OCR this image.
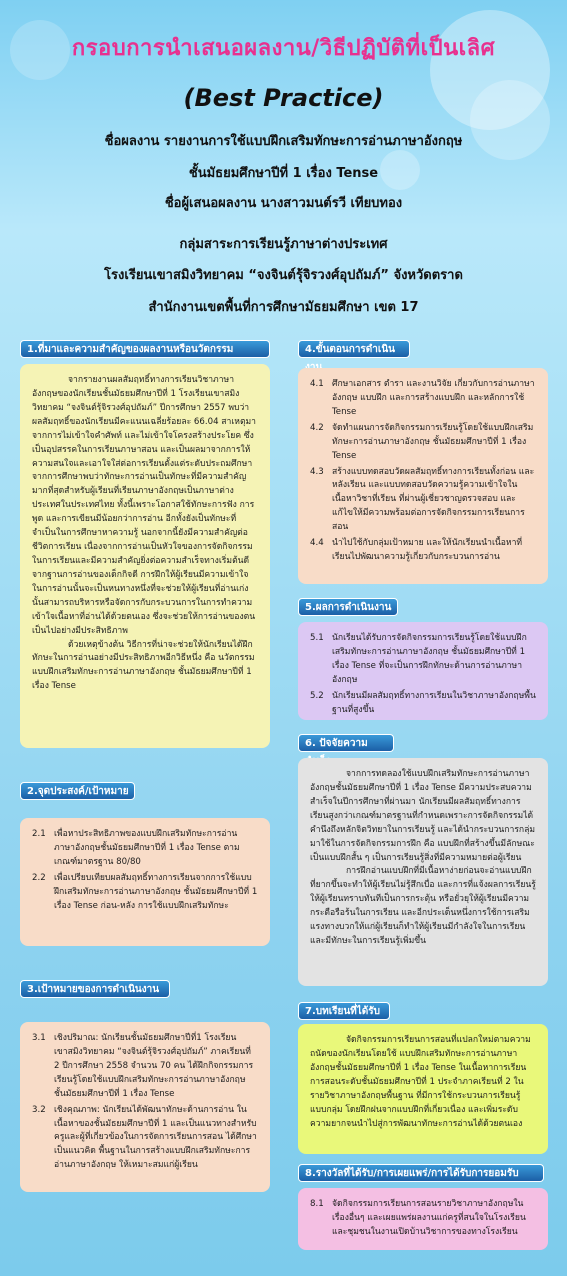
กรอบการนำเสนอผลงาน/วิธีปฏิบัติที่เป็นเลิศ
(Best Practice)
ชื่อผลงาน รายงานการใช้แบบฝึกเสริมทักษะการอ่านภาษาอังกฤษ
ชั้นมัธยมศึกษาปีที่ 1 เรื่อง Tense
ชื่อผู้เสนอผลงาน นางสาวมนต์รวี เทียบทอง
กลุ่มสาระการเรียนรู้ภาษาต่างประเทศ
โรงเรียนเขาสมิงวิทยาคม “จงจินต์รุ้จิรวงศ์อุปถัมภ์” จังหวัดตราด
สำนักงานเขตพื้นที่การศึกษามัธยมศึกษา เขต 17
1.ที่มาและความสำคัญของผลงานหรือนวัตกรรม

จากรายงานผลสัมฤทธิ์ทางการเรียนวิชาภาษาอังกฤษของนักเรียนชั้นมัธยมศึกษาปีที่ 1 โรงเรียนเขาสมิงวิทยาคม “จงจินต์รุ้จิรวงศ์อุปถัมภ์” ปีการศึกษา 2557 พบว่าผลสัมฤทธิ์ของนักเรียนมีคะแนนเฉลี่ยร้อยละ 66.04 สาเหตุมาจากการไม่เข้าใจคำศัพท์ และไม่เข้าใจโครงสร้างประโยค ซึ่งเป็นอุปสรรคในการเรียนภาษาสอน และเป็นผลมาจากการให้ความสนใจและเอาใจใส่ต่อการเรียนตั้งแต่ระดับประถมศึกษา จากการศึกษาพบว่าทักษะการอ่านเป็นทักษะที่มีความสำคัญมากที่สุดสำหรับผู้เรียนที่เรียนภาษาอังกฤษเป็นภาษาต่างประเทศในประเทศไทย ทั้งนี้เพราะโอกาสใช้ทักษะการฟัง การพูด และการเขียนมีน้อยกว่าการอ่าน อีกทั้งยังเป็นทักษะที่จำเป็นในการศึกษาหาความรู้ นอกจากนี้ยังมีความสำคัญต่อชีวิตการเรียน เนื่องจากการอ่านเป็นหัวใจของการจัดกิจกรรมในการเรียนและมีความสำคัญยิ่งต่อความสำเร็จทางเริ่มต้นดีจากฐานการอ่านของเด็กกิจดี การฝึกให้ผู้เรียนมีความเข้าใจในการอ่านนั้นจะเป็นหนทางหนึ่งที่จะช่วยให้ผู้เรียนที่อ่านเก่งนั้นสามารถบริหารหรือจัดการกับกระบวนการในการทำความเข้าใจเนื้อหาที่อ่านได้ด้วยตนเอง ซึ่งจะช่วยให้การอ่านของตนเป็นไปอย่างมีประสิทธิภาพ

ด้วยเหตุข้างต้น วิธีการที่น่าจะช่วยให้นักเรียนได้ฝึกทักษะในการอ่านอย่างมีประสิทธิภาพอีกวิธีหนึ่ง คือ นวัตกรรมแบบฝึกเสริมทักษะการอ่านภาษาอังกฤษ ชั้นมัธยมศึกษาปีที่ 1 เรื่อง Tense

2.จุดประสงค์/เป้าหมาย
2.1 เพื่อหาประสิทธิภาพของแบบฝึกเสริมทักษะการอ่านภาษาอังกฤษชั้นมัธยมศึกษาปีที่ 1 เรื่อง Tense ตามเกณฑ์มาตรฐาน 80/80
2.2 เพื่อเปรียบเทียบผลสัมฤทธิ์ทางการเรียนจากการใช้แบบฝึกเสริมทักษะการอ่านภาษาอังกฤษ ชั้นมัธยมศึกษาปีที่ 1 เรื่อง Tense ก่อน-หลัง การใช้แบบฝึกเสริมทักษะ
3.เป้าหมายของการดำเนินงาน
3.1 เชิงปริมาณ: นักเรียนชั้นมัธยมศึกษาปีที่1 โรงเรียนเขาสมิงวิทยาคม “จงจินต์รุ้จิรวงศ์อุปถัมภ์” ภาคเรียนที่ 2 ปีการศึกษา 2558 จำนวน 70 คน ได้ฝึกกิจกรรมการเรียนรู้โดยใช้แบบฝึกเสริมทักษะการอ่านภาษาอังกฤษ ชั้นมัธยมศึกษาปีที่ 1 เรื่อง Tense
3.2 เชิงคุณภาพ: นักเรียนได้พัฒนาทักษะด้านการอ่าน ในเนื้อหาของชั้นมัธยมศึกษาปีที่ 1 และเป็นแนวทางสำหรับครูและผู้ที่เกี่ยวข้องในการจัดการเรียนการสอน ได้ศึกษาเป็นแนวคิด พื้นฐานในการสร้างแบบฝึกเสริมทักษะการอ่านภาษาอังกฤษ ให้เหมาะสมแก่ผู้เรียน
4.ขั้นตอนการดำเนิน
4.1 ศึกษาเอกสาร ตำรา และงานวิจัย เกี่ยวกับการอ่านภาษาอังกฤษ แบบฝึก และการสร้างแบบฝึก และหลักการใช้ Tense
4.2 จัดทำแผนการจัดกิจกรรมการเรียนรู้โดยใช้แบบฝึกเสริมทักษะการอ่านภาษาอังกฤษ ชั้นมัธยมศึกษาปีที่ 1 เรื่อง Tense
4.3 สร้างแบบทดสอบวัดผลสัมฤทธิ์ทางการเรียนทั้งก่อน และหลังเรียน และแบบทดสอบวัดความรู้ความเข้าใจในเนื้อหาวิชาที่เรียน ที่ผ่านผู้เชี่ยวชาญตรวจสอบ และแก้ไขให้มีความพร้อมต่อการจัดกิจกรรมการเรียนการสอน
4.4 นำไปใช้กับกลุ่มเป้าหมาย และให้นักเรียนนำเนื้อหาที่เรียนไปพัฒนาความรู้เกี่ยวกับกระบวนการอ่าน
5.ผลการดำเนินงาน
5.1 นักเรียนได้รับการจัดกิจกรรมการเรียนรู้โดยใช้แบบฝึกเสริมทักษะการอ่านภาษาอังกฤษ ชั้นมัธยมศึกษาปีที่ 1 เรื่อง Tense ที่จะเป็นการฝึกทักษะด้านการอ่านภาษาอังกฤษ
5.2 นักเรียนมีผลสัมฤทธิ์ทางการเรียนในวิชาภาษาอังกฤษพื้นฐานที่สูงขึ้น
6. ปัจจัยความ

จากการทดลองใช้แบบฝึกเสริมทักษะการอ่านภาษาอังกฤษชั้นมัธยมศึกษาปีที่ 1 เรื่อง Tense มีความประสบความสำเร็จในปีการศึกษาที่ผ่านมา นักเรียนมีผลสัมฤทธิ์ทางการเรียนสูงกว่าเกณฑ์มาตรฐานที่กำหนดเพราะการจัดกิจกรรมได้คำนึงถึงหลักจิตวิทยาในการเรียนรู้ และได้นำกระบวนการกลุ่มมาใช้ในการจัดกิจกรรมการฝึก คือ แบบฝึกที่สร้างขึ้นมีลักษณะเป็นแบบฝึกสั้น ๆ เป็นการเรียนรู้สิ่งที่มีความหมายต่อผู้เรียน

การฝึกอ่านแบบฝึกที่มีเนื้อหาง่ายก่อนจะอ่านแบบฝึกที่ยากขึ้นจะทำให้ผู้เรียนไม่รู้สึกเบื่อ และการที่แจ้งผลการเรียนรู้ให้ผู้เรียนทราบทันทีเป็นการกระตุ้น หรือยั่วยุให้ผู้เรียนมีความกระตือรือร้นในการเรียน และอีกประเด็นหนึ่งการใช้การเสริมแรงทางบวกให้แก่ผู้เรียนก็ทำให้ผู้เรียนมีกำลังใจในการเรียนและมีทักษะในการเรียนรู้เพิ่มขึ้น

7.บทเรียนที่ได้รับ

จัดกิจกรรมการเรียนการสอนที่แปลกใหม่ตามความถนัดของนักเรียนโดยใช้ แบบฝึกเสริมทักษะการอ่านภาษาอังกฤษชั้นมัธยมศึกษาปีที่ 1 เรื่อง Tense ในเนื้อหาการเรียนการสอนระดับชั้นมัธยมศึกษาปีที่ 1 ประจำภาคเรียนที่ 2 ในรายวิชาภาษาอังกฤษพื้นฐาน ที่มีการใช้กระบวนการเรียนรู้แบบกลุ่ม โดยฝึกฝนจากแบบฝึกที่เกี่ยวเนื่อง และเพิ่มระดับความยากจนนำไปสู่การพัฒนาทักษะการอ่านได้ด้วยตนเอง

8.รางวัลที่ได้รับ/การเผยแพร่/การได้รับการยอมรับ
8.1 จัดกิจกรรมการเรียนการสอนรายวิชาภาษาอังกฤษในเรื่องอื่นๆ และเผยแพร่ผลงานแก่ครูที่สนใจในโรงเรียนและชุมชนในงานเปิดบ้านวิชาการของทางโรงเรียน
